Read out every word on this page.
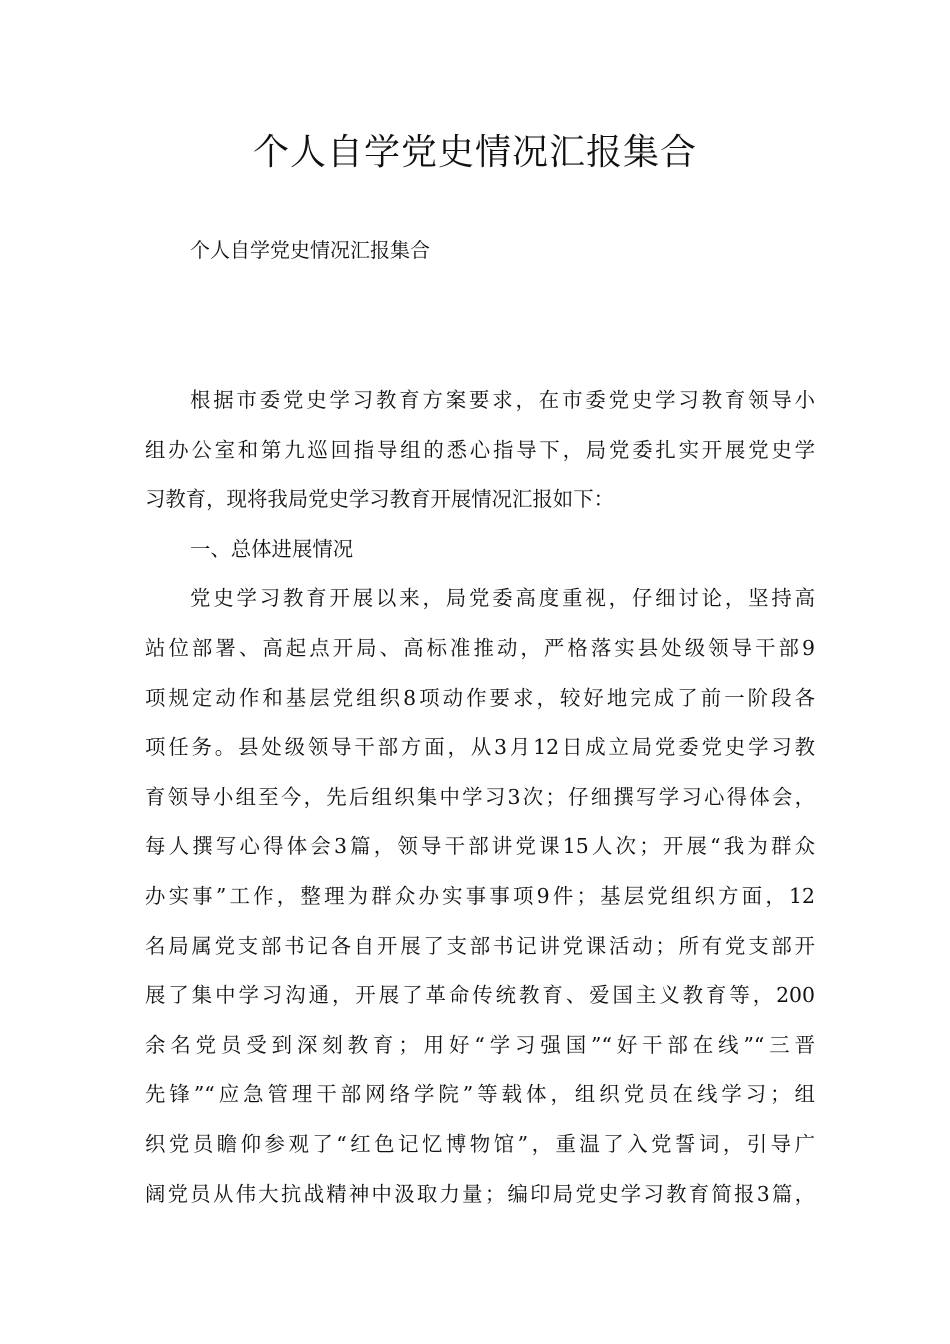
个人自学党史情况汇报集合

个人自学党史情况汇报集合

根据市委党史学习教育方案要求，在市委党史学习教育领导小
组办公室和第九巡回指导组的悉心指导下，局党委扎实开展党史学
习教育，现将我局党史学习教育开展情况汇报如下：
一、总体进展情况
党史学习教育开展以来，局党委高度重视，仔细讨论，坚持高
站位部署、高起点开局、高标准推动，严格落实县处级领导干部9
项规定动作和基层党组织8项动作要求，较好地完成了前一阶段各
项任务。县处级领导干部方面，从3月12日成立局党委党史学习教
育领导小组至今，先后组织集中学习3次；仔细撰写学习心得体会，
每人撰写心得体会3篇，领导干部讲党课15人次；开展“我为群众
办实事”工作，整理为群众办实事事项9件；基层党组织方面，12
名局属党支部书记各自开展了支部书记讲党课活动；所有党支部开
展了集中学习沟通，开展了革命传统教育、爱国主义教育等，200
余名党员受到深刻教育；用好“学习强国”“好干部在线”“三晋
先锋”“应急管理干部网络学院”等载体，组织党员在线学习；组
织党员瞻仰参观了“红色记忆博物馆”，重温了入党誓词，引导广
阔党员从伟大抗战精神中汲取力量；编印局党史学习教育简报3篇，
